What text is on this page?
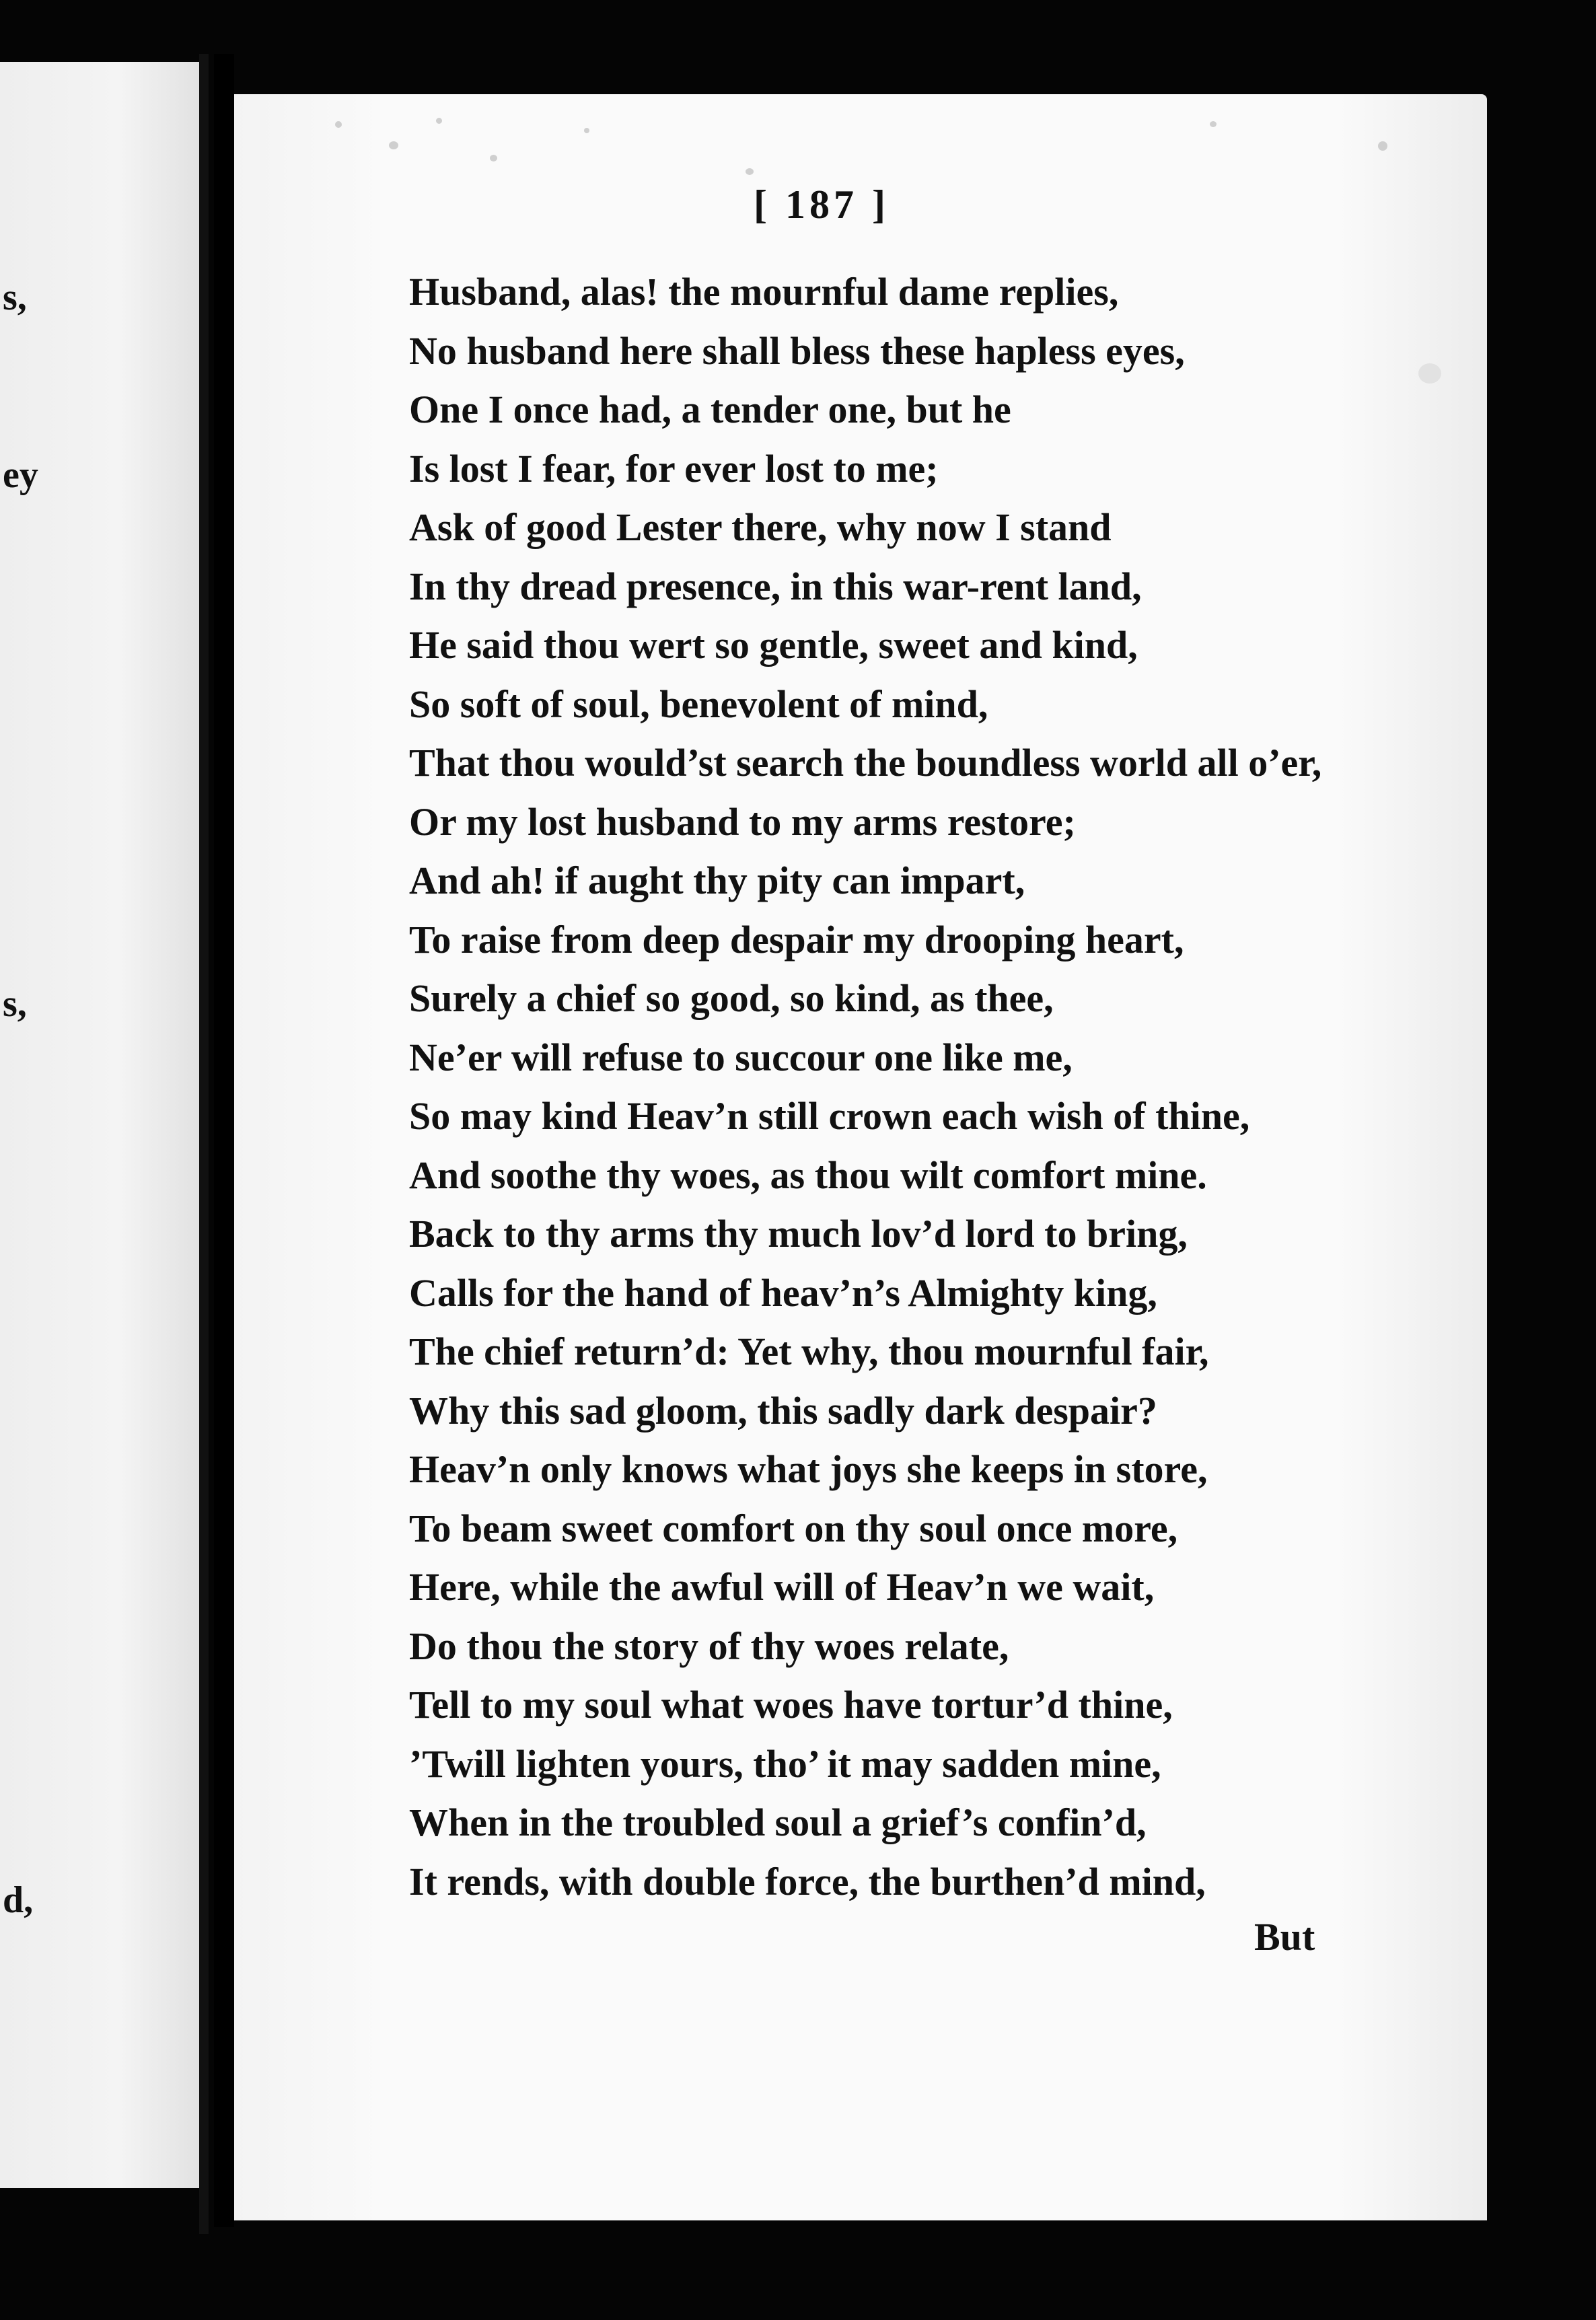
s,
ey
s,
d,
[ 187 ]
Husband, alas! the mournful dame replies,
No husband here shall bless these hapless eyes,
One I once had, a tender one, but he
Is lost I fear, for ever lost to me;
Ask of good Lester there, why now I stand
In thy dread presence, in this war-rent land,
He said thou wert so gentle, sweet and kind,
So soft of soul, benevolent of mind,
That thou would’st search the boundless world all o’er,
Or my lost husband to my arms restore;
And ah! if aught thy pity can impart,
To raise from deep despair my drooping heart,
Surely a chief so good, so kind, as thee,
Ne’er will refuse to succour one like me,
So may kind Heav’n still crown each wish of thine,
And soothe thy woes, as thou wilt comfort mine.
Back to thy arms thy much lov’d lord to bring,
Calls for the hand of heav’n’s Almighty king,
The chief return’d: Yet why, thou mournful fair,
Why this sad gloom, this sadly dark despair?
Heav’n only knows what joys she keeps in store,
To beam sweet comfort on thy soul once more,
Here, while the awful will of Heav’n we wait,
Do thou the story of thy woes relate,
Tell to my soul what woes have tortur’d thine,
’Twill lighten yours, tho’ it may sadden mine,
When in the troubled soul a grief’s confin’d,
It rends, with double force, the burthen’d mind,
But
